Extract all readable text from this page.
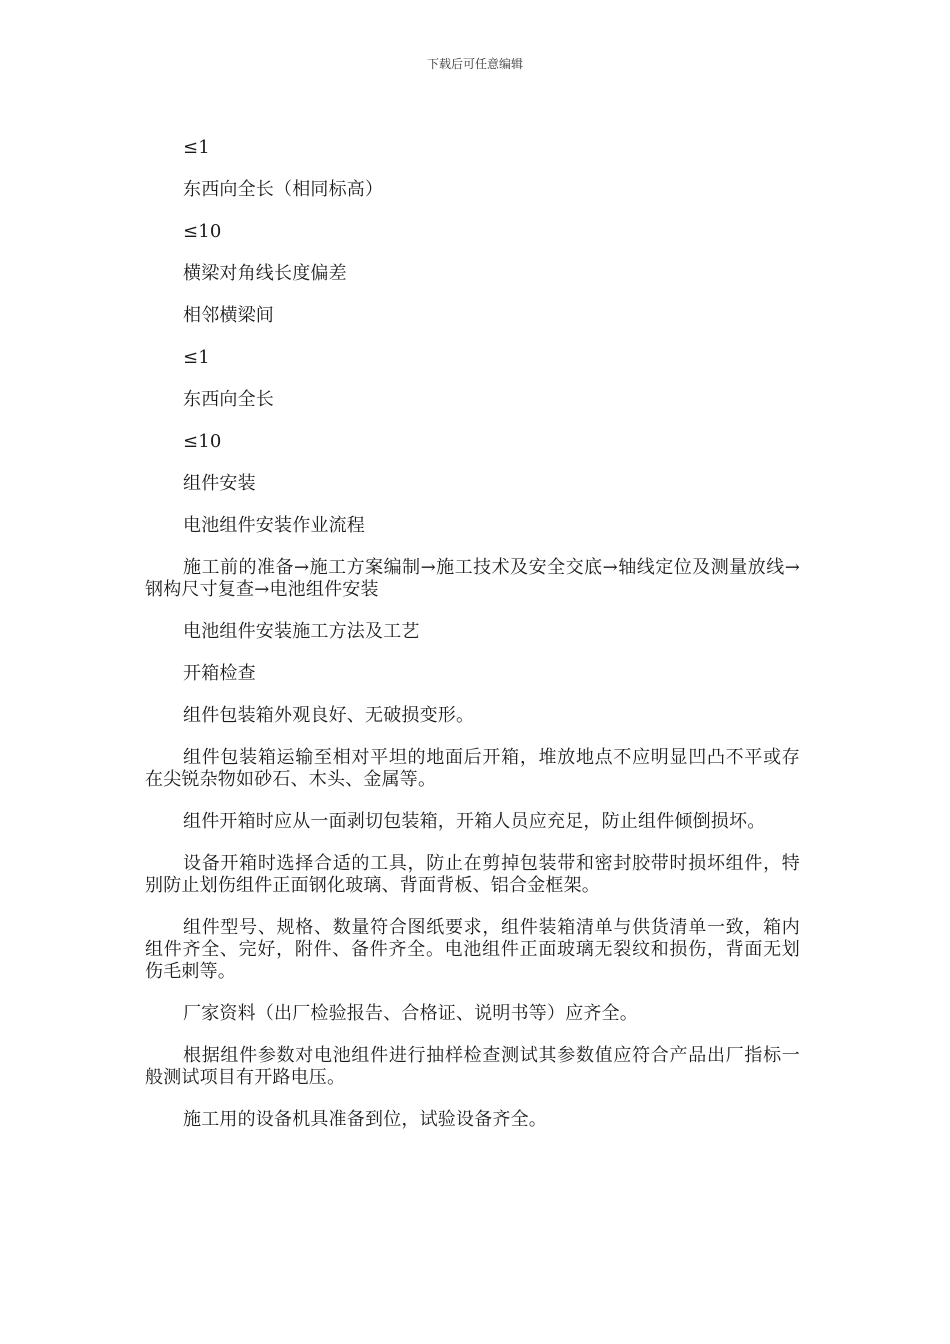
下载后可任意编辑

≤1

东西向全长（相同标高）

≤10

横梁对角线长度偏差

相邻横梁间

≤1

东西向全长

≤10

组件安装

电池组件安装作业流程

施工前的准备→施工方案编制→施工技术及安全交底→轴线定位及测量放线→钢构尺寸复查→电池组件安装

电池组件安装施工方法及工艺

开箱检查

组件包装箱外观良好、无破损变形。

组件包装箱运输至相对平坦的地面后开箱，堆放地点不应明显凹凸不平或存在尖锐杂物如砂石、木头、金属等。

组件开箱时应从一面剥切包装箱，开箱人员应充足，防止组件倾倒损坏。

设备开箱时选择合适的工具，防止在剪掉包装带和密封胶带时损坏组件，特别防止划伤组件正面钢化玻璃、背面背板、铝合金框架。

组件型号、规格、数量符合图纸要求，组件装箱清单与供货清单一致，箱内组件齐全、完好，附件、备件齐全。电池组件正面玻璃无裂纹和损伤，背面无划伤毛刺等。

厂家资料（出厂检验报告、合格证、说明书等）应齐全。

根据组件参数对电池组件进行抽样检查测试其参数值应符合产品出厂指标一般测试项目有开路电压。

施工用的设备机具准备到位，试验设备齐全。
